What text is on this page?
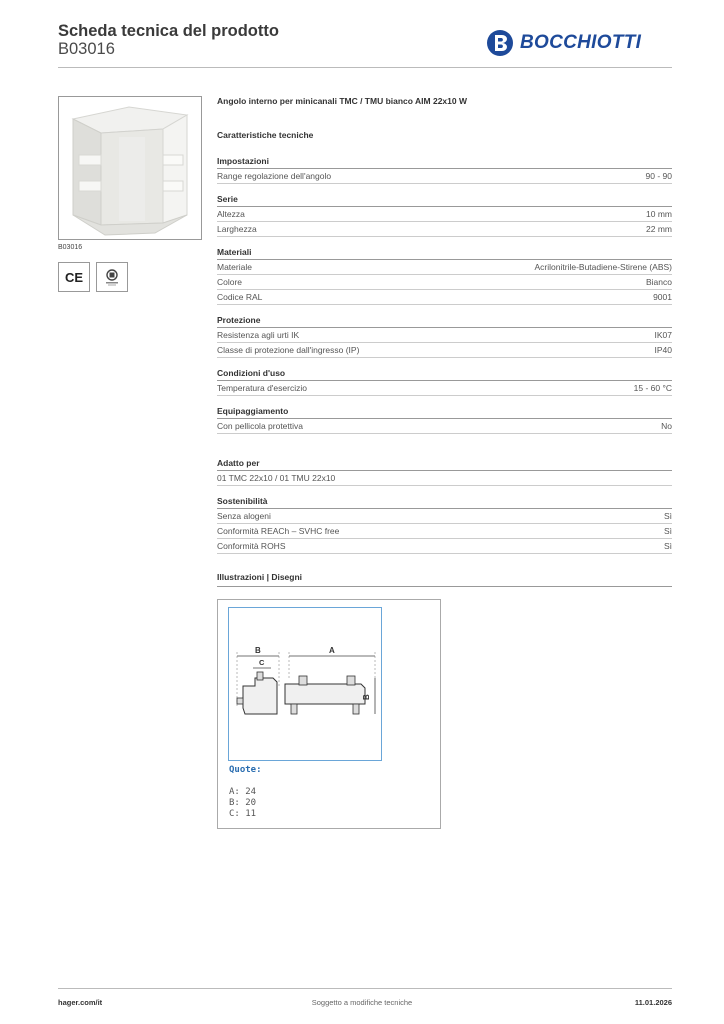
Scheda tecnica del prodotto
B03016	BOCCHIOTTI
B03016
CE
Angolo interno per minicanali TMC / TMU bianco AIM 22x10 W
Caratteristiche tecniche
Impostazioni
Range regolazione dell'angolo	90 - 90
Serie
Altezza	10 mm
Larghezza	22 mm
Materiali
Materiale	Acrilonitrile-Butadiene-Stirene (ABS)
Colore	Bianco
Codice RAL	9001
Protezione
Resistenza agli urti IK	IK07
Classe di protezione dall'ingresso (IP)	IP40
Condizioni d'uso
Temperatura d'esercizio	15 - 60 °C
Equipaggiamento
Con pellicola protettiva	No
Adatto per
01 TMC 22x10 / 01 TMU 22x10
Sostenibilità
Senza alogeni	Sì
Conformità REACh – SVHC free	Sì
Conformità ROHS	Sì
Illustrazioni | Disegni
B
C
A
B
Quote:
A: 24
B: 20
C: 11
hager.com/it	Soggetto a modifiche tecniche	11.01.2026
